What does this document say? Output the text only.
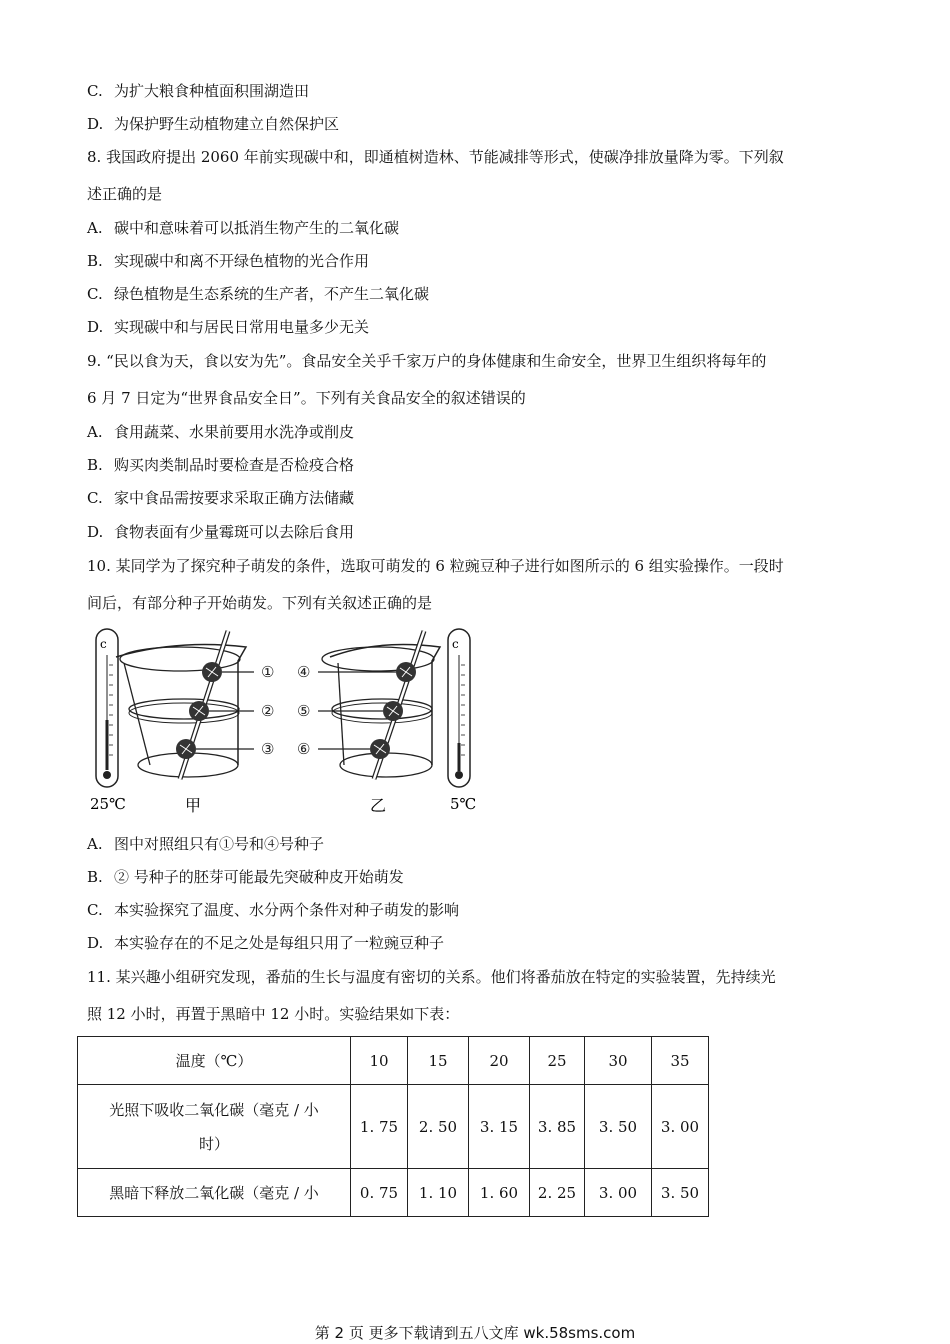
C. 为扩大粮食种植面积围湖造田
D. 为保护野生动植物建立自然保护区
8. 我国政府提出 2060 年前实现碳中和，即通植树造林、节能减排等形式，使碳净排放量降为零。下列叙
述正确的是
A. 碳中和意味着可以抵消生物产生的二氧化碳
B. 实现碳中和离不开绿色植物的光合作用
C. 绿色植物是生态系统的生产者，不产生二氧化碳
D. 实现碳中和与居民日常用电量多少无关
9. “民以食为天，食以安为先”。食品安全关乎千家万户的身体健康和生命安全，世界卫生组织将每年的
6 月 7 日定为“世界食品安全日”。下列有关食品安全的叙述错误的
A. 食用蔬菜、水果前要用水洗净或削皮
B. 购买肉类制品时要检查是否检疫合格
C. 家中食品需按要求采取正确方法储藏
D. 食物表面有少量霉斑可以去除后食用
10. 某同学为了探究种子萌发的条件，选取可萌发的 6 粒豌豆种子进行如图所示的 6 组实验操作。一段时
间后，有部分种子开始萌发。下列有关叙述正确的是
c
①
②
③
④
⑤
⑥
c
25℃	甲	乙	5℃
A. 图中对照组只有①号和④号种子
B. ② 号种子的胚芽可能最先突破种皮开始萌发
C. 本实验探究了温度、水分两个条件对种子萌发的影响
D. 本实验存在的不足之处是每组只用了一粒豌豆种子
11. 某兴趣小组研究发现，番茄的生长与温度有密切的关系。他们将番茄放在特定的实验装置，先持续光
照 12 小时，再置于黑暗中 12 小时。实验结果如下表：
温度（℃）	10	15	20	25	30	35

光照下吸收二氧化碳（毫克 / 小
时）	1. 75	2. 50	3. 15	3. 85	3. 50	3. 00
黑暗下释放二氧化碳（毫克 / 小	0. 75	1. 10	1. 60	2. 25	3. 00	3. 50
第 2 页 更多下载请到五八文库 wk.58sms.com
